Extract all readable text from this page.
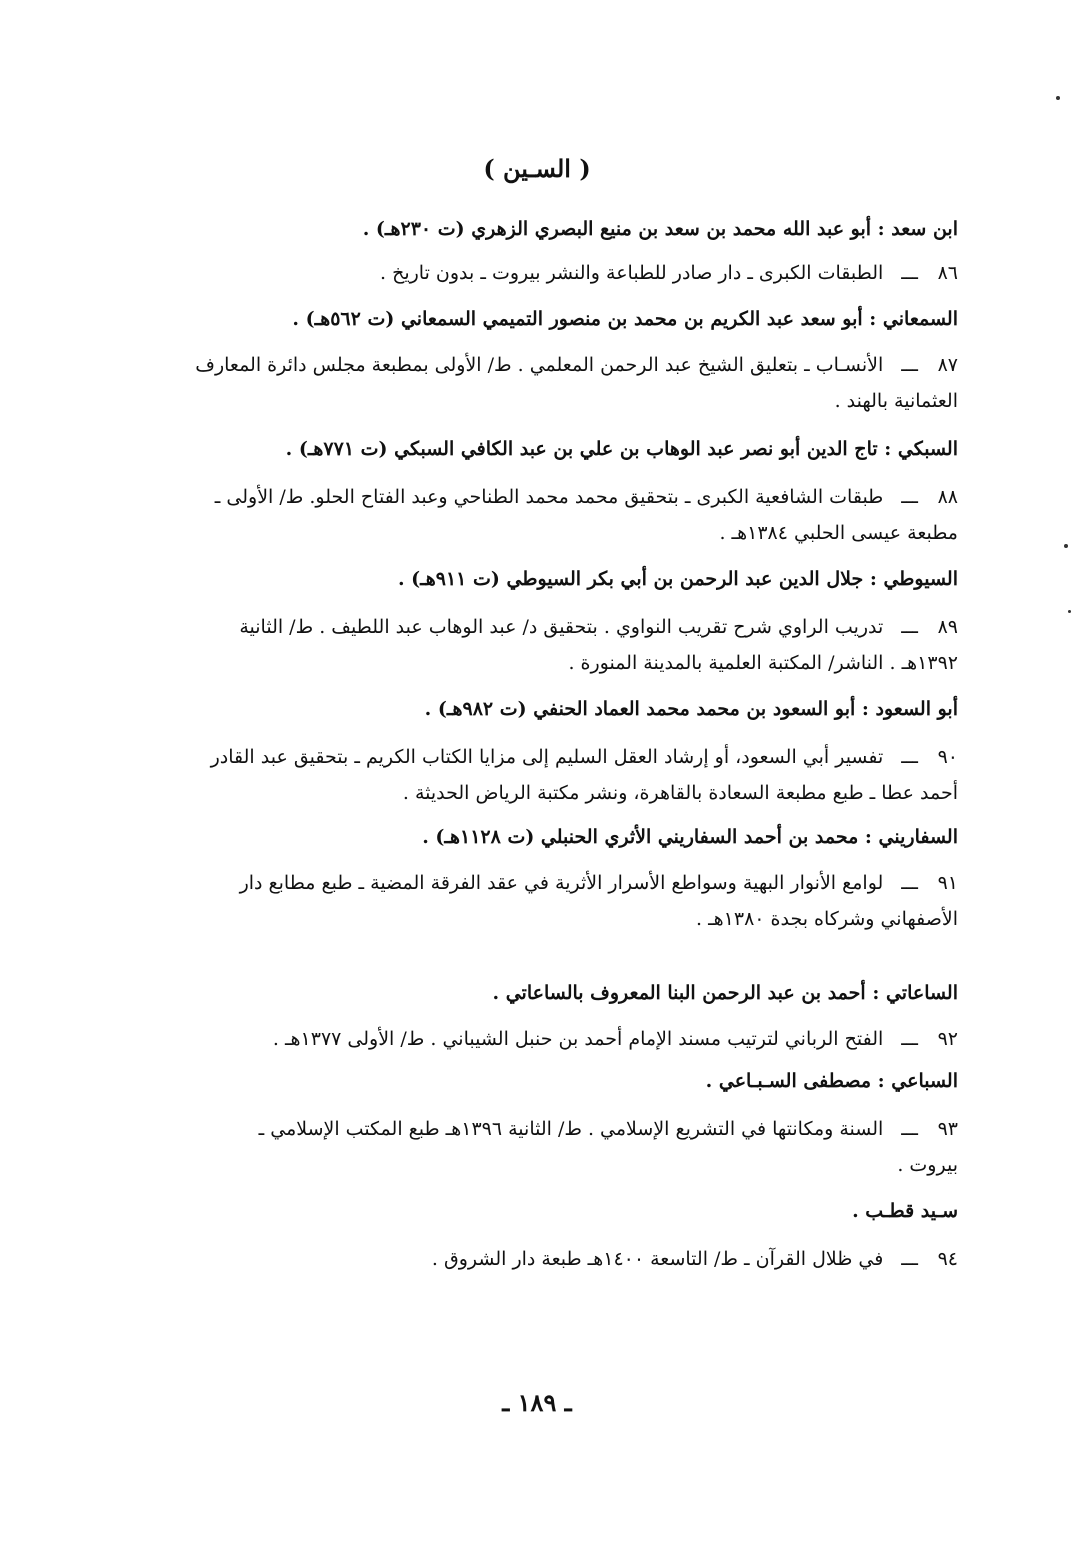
( السـين )
ابن سعد : أبو عبد الله محمد بن سعد بن منيع البصري الزهري (ت ٢٣٠هـ) .
٨٦ـــالطبقات الكبرى ـ دار صادر للطباعة والنشر بيروت ـ بدون تاريخ .
السمعاني : أبو سعد عبد الكريم بن محمد بن منصور التميمي السمعاني (ت ٥٦٢هـ) .
٨٧ـــالأنسـاب ـ بتعليق الشيخ عبد الرحمن المعلمي . ط/ الأولى بمطبعة مجلس دائرة المعارف
العثمانية بالهند .
السبكي : تاج الدين أبو نصر عبد الوهاب بن علي بن عبد الكافي السبكي (ت ٧٧١هـ) .
٨٨ـــطبقات الشافعية الكبرى ـ بتحقيق محمد محمد الطناحي وعبد الفتاح الحلو. ط/ الأولى ـ
مطبعة عيسى الحلبي ١٣٨٤هـ .
السيوطي : جلال الدين عبد الرحمن بن أبي بكر السيوطي (ت ٩١١هـ) .
٨٩ـــتدريب الراوي شرح تقريب النواوي . بتحقيق د/ عبد الوهاب عبد اللطيف . ط/ الثانية
١٣٩٢هـ . الناشر/ المكتبة العلمية بالمدينة المنورة .
أبو السعود : أبو السعود بن محمد محمد العماد الحنفي (ت ٩٨٢هـ) .
٩٠ـــتفسير أبي السعود، أو إرشاد العقل السليم إلى مزايا الكتاب الكريم ـ بتحقيق عبد القادر
أحمد عطا ـ طبع مطبعة السعادة بالقاهرة، ونشر مكتبة الرياض الحديثة .
السفاريني : محمد بن أحمد السفاريني الأثري الحنبلي (ت ١١٢٨هـ) .
٩١ـــلوامع الأنوار البهية وسواطع الأسرار الأثرية في عقد الفرقة المضية ـ طبع مطابع دار
الأصفهاني وشركاه بجدة ١٣٨٠هـ .
الساعاتي : أحمد بن عبد الرحمن البنا المعروف بالساعاتي .
٩٢ـــالفتح الرباني لترتيب مسند الإمام أحمد بن حنبل الشيباني . ط/ الأولى ١٣٧٧هـ .
السباعي : مصطفى السـبـاعي .
٩٣ـــالسنة ومكانتها في التشريع الإسلامي . ط/ الثانية ١٣٩٦هـ طبع المكتب الإسلامي ـ
بيروت .
سـيد قطـب .
٩٤ـــفي ظلال القرآن ـ ط/ التاسعة ١٤٠٠هـ طبعة دار الشروق .
ـ ١٨٩ ـ
